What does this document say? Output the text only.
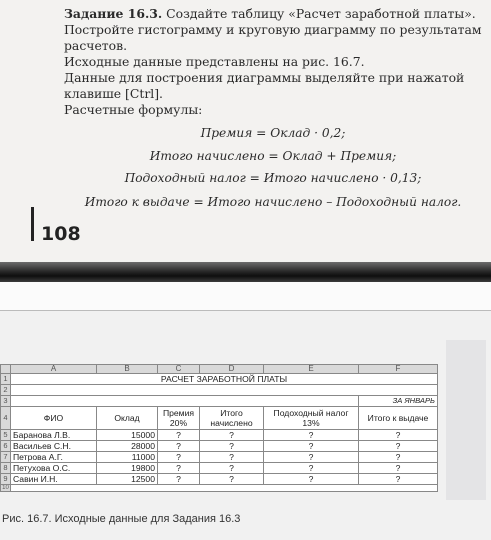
Задание 16.3. Создайте таблицу «Расчет заработной платы». Постройте гистограмму и круговую диаграмму по результатам расчетов.

Исходные данные представлены на рис. 16.7.

Данные для построения диаграммы выделяйте при нажатой клавише [Ctrl].

Расчетные формулы:

Премия = Оклад · 0,2;
Итого начислено = Оклад + Премия;
Подоходный налог = Итого начислено · 0,13;
Итого к выдаче = Итого начислено – Подоходный налог.
108
	A	B	C	D	E	F
1	РАСЧЕТ ЗАРАБОТНОЙ ПЛАТЫ					
2						
3						ЗА ЯНВАРЬ
4	ФИО	Оклад	Премия 20%	Итого начислено	Подоходный налог 13%	Итого к выдаче
5	Баранова Л.В.	15000	?	?	?	?
6	Васильев С.Н.	28000	?	?	?	?
7	Петрова А.Г.	11000	?	?	?	?
8	Петухова О.С.	19800	?	?	?	?
9	Савин И.Н.	12500	?	?	?	?
10						
Рис. 16.7. Исходные данные для Задания 16.3
